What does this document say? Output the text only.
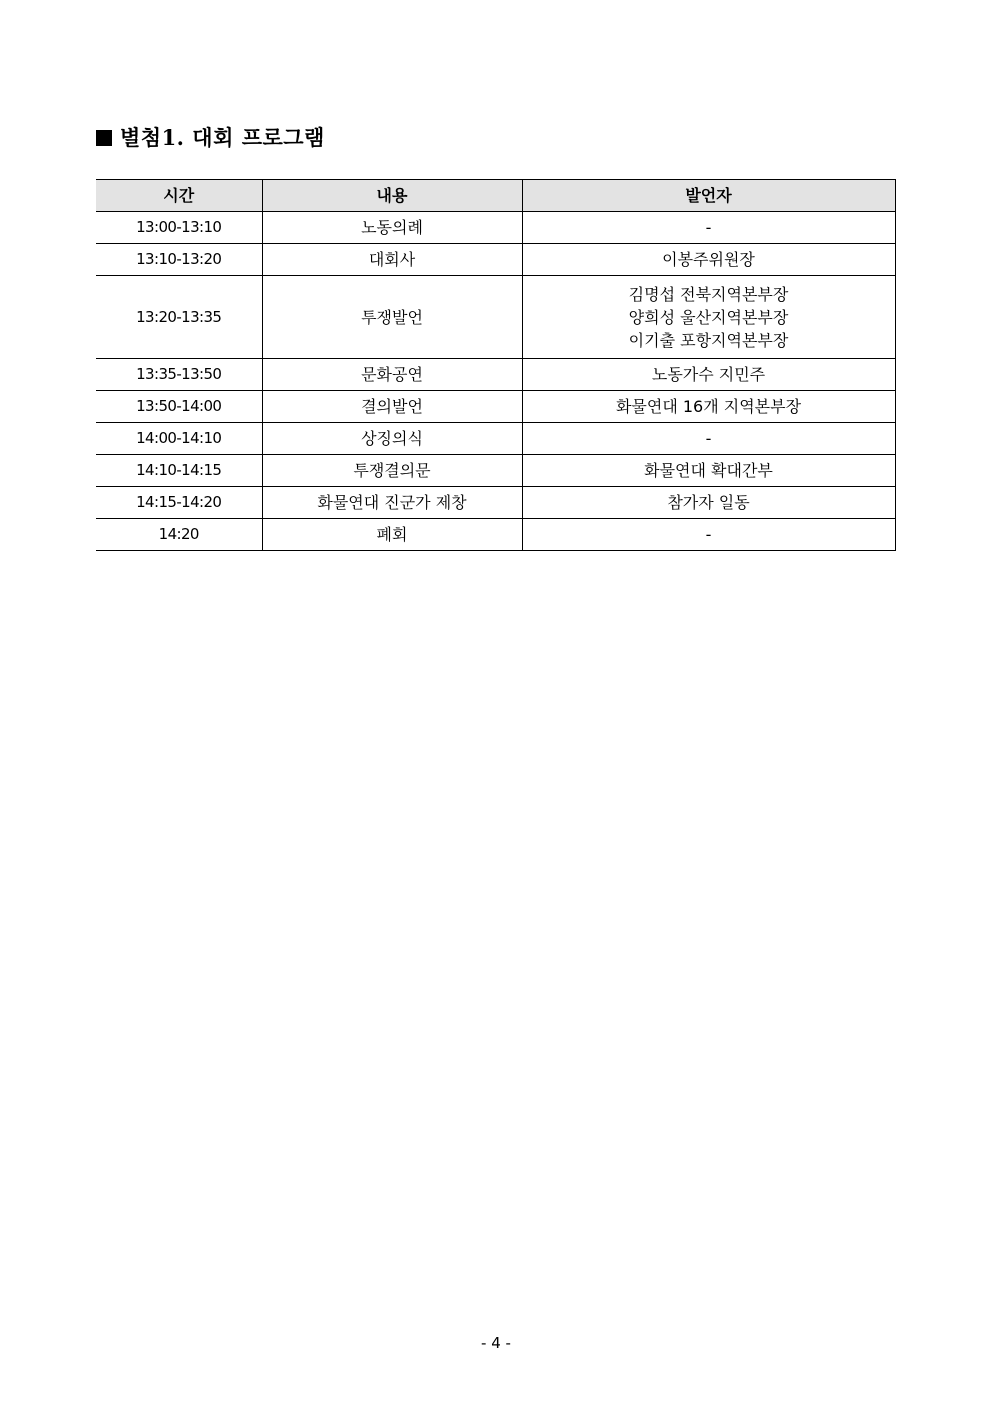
별첨1. 대회 프로그램
시간	내용	발언자
13:00-13:10	노동의례	-

13:10-13:20	대회사	이봉주위원장

13:20-13:35	투쟁발언	김명섭 전북지역본부장
양희성 울산지역본부장
이기출 포항지역본부장

13:35-13:50	문화공연	노동가수 지민주

13:50-14:00	결의발언	화물연대 16개 지역본부장

14:00-14:10	상징의식	-

14:10-14:15	투쟁결의문	화물연대 확대간부

14:15-14:20	화물연대 진군가 제창	참가자 일동

14:20	폐회	-
- 4 -
